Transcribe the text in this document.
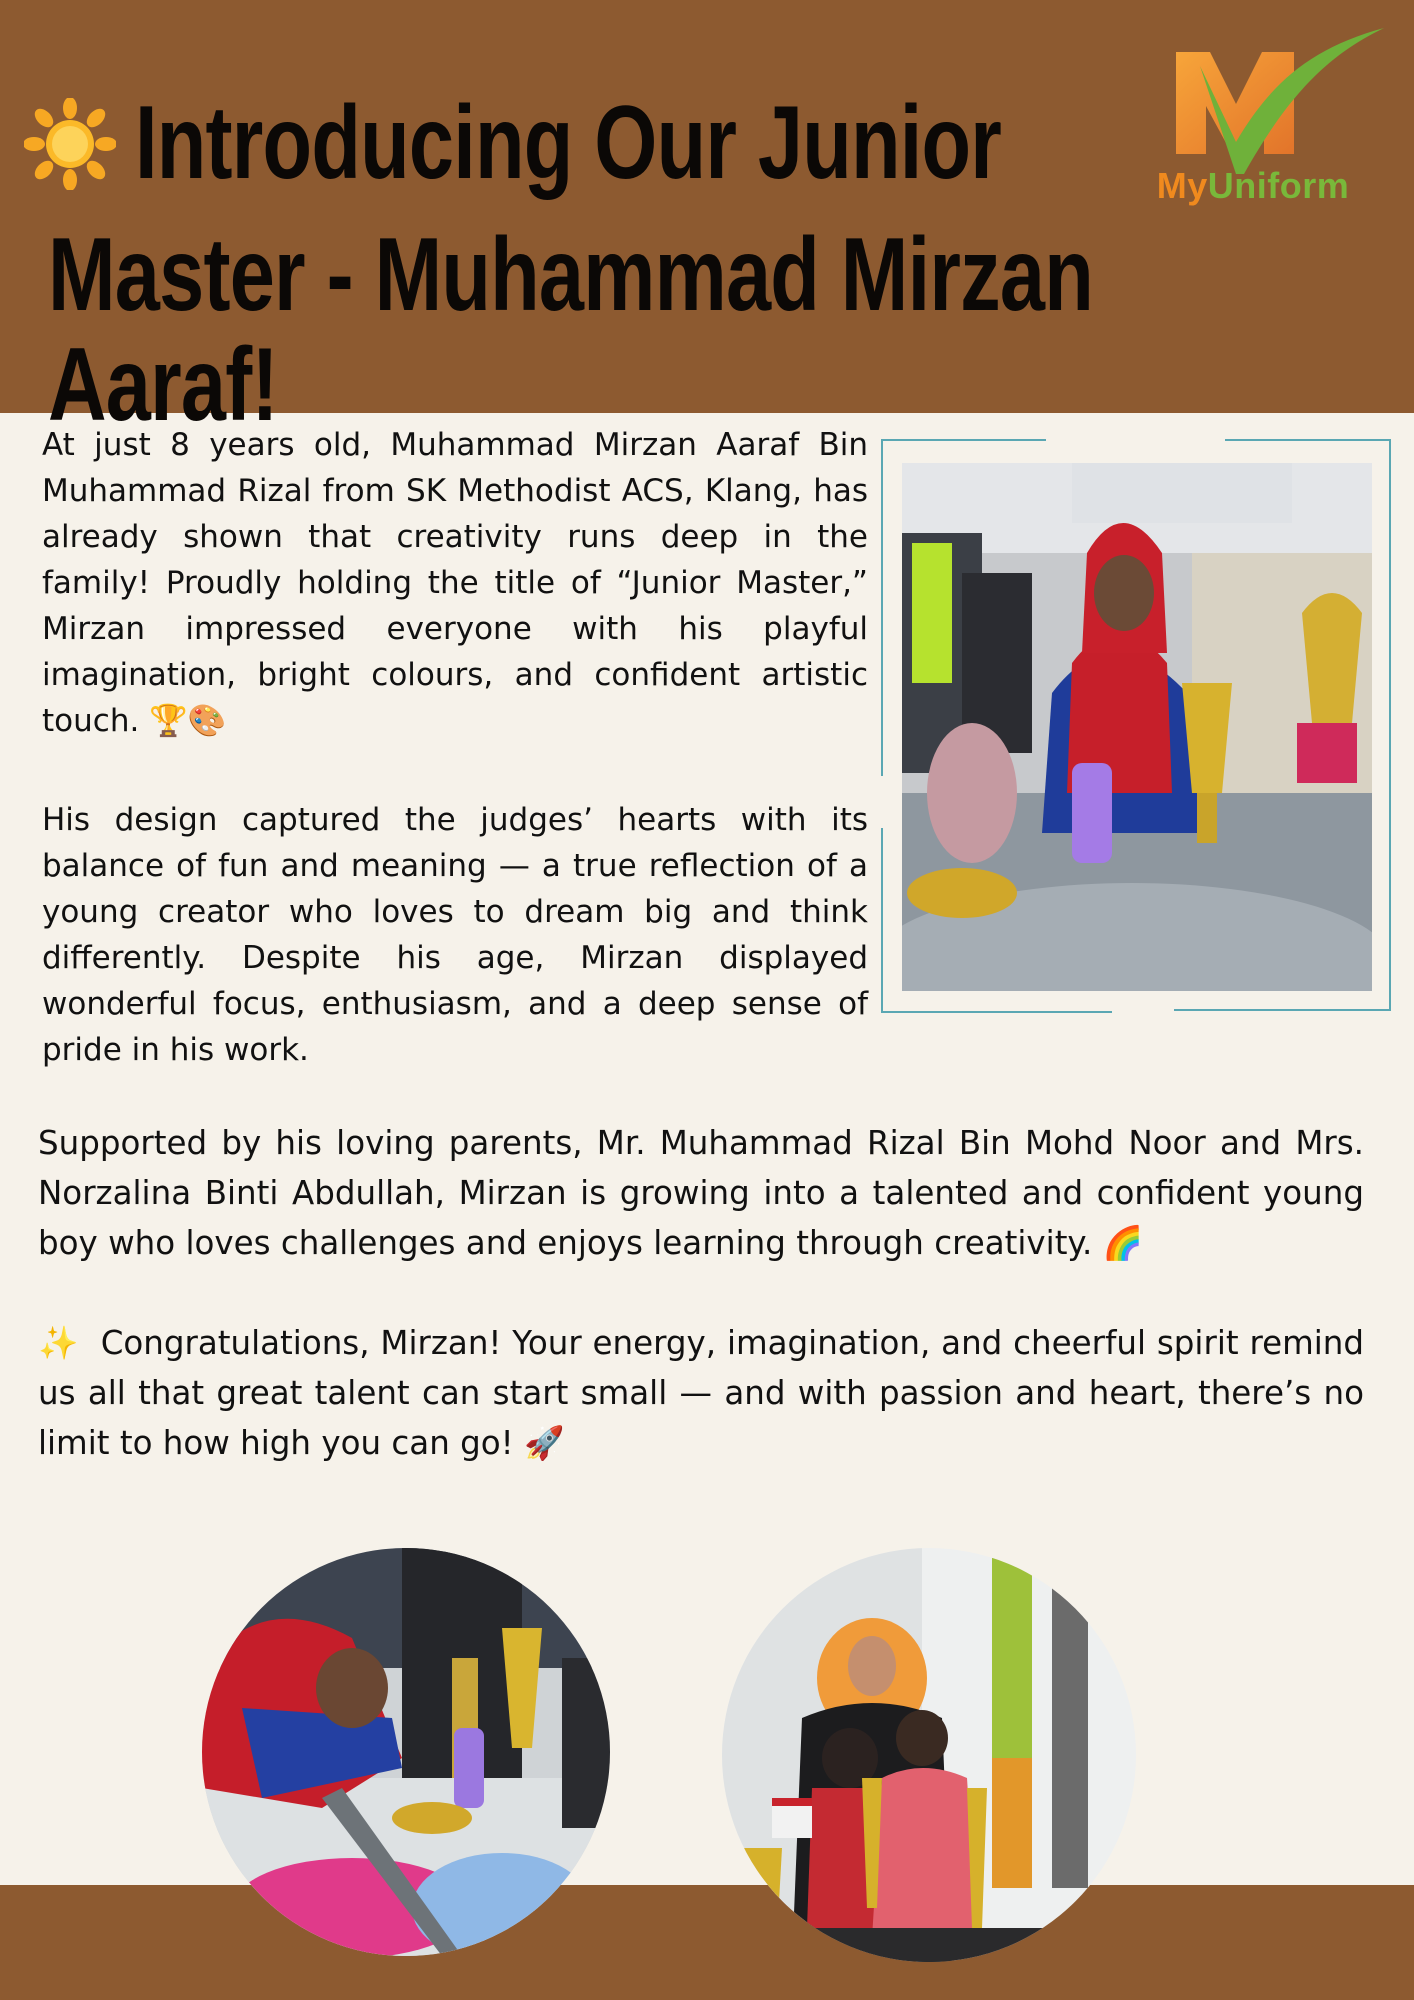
Introducing Our Junior
Master - Muhammad Mirzan Aaraf!
MyUniform

At just 8 years old, Muhammad Mirzan Aaraf Bin Muhammad Rizal from SK Methodist ACS, Klang, has already shown that creativity runs deep in the family! Proudly holding the title of “Junior Master,” Mirzan impressed everyone with his playful imagination, bright colours, and confident artistic touch. 🏆🎨

His design captured the judges’ hearts with its balance of fun and meaning — a true reflection of a young creator who loves to dream big and think differently. Despite his age, Mirzan displayed wonderful focus, enthusiasm, and a deep sense of pride in his work.

Supported by his loving parents, Mr. Muhammad Rizal Bin Mohd Noor and Mrs. Norzalina Binti Abdullah, Mirzan is growing into a talented and confident young boy who loves challenges and enjoys learning through creativity. 🌈

✨ Congratulations, Mirzan! Your energy, imagination, and cheerful spirit remind us all that great talent can start small — and with passion and heart, there’s no limit to how high you can go! 🚀
